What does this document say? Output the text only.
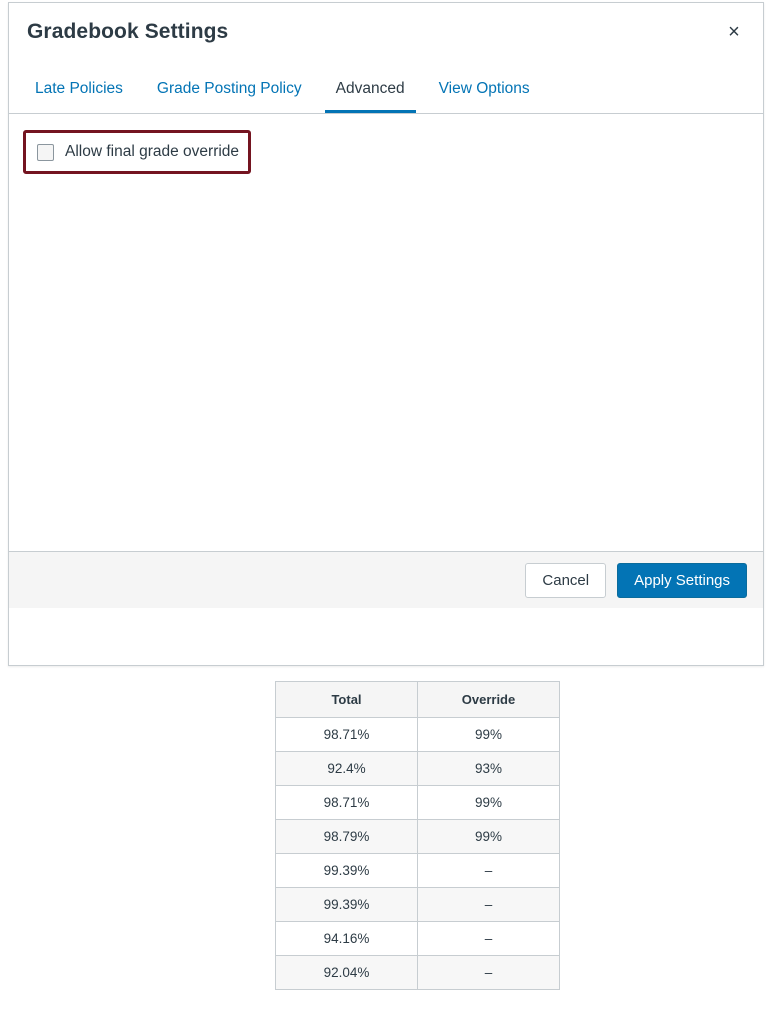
Gradebook Settings	×
Late Policies	Grade Posting Policy	Advanced	View Options
Allow final grade override
Cancel	Apply Settings
Total	Override
98.71%	99%
92.4%	93%
98.71%	99%
98.79%	99%
99.39%	–
99.39%	–
94.16%	–
92.04%	–
